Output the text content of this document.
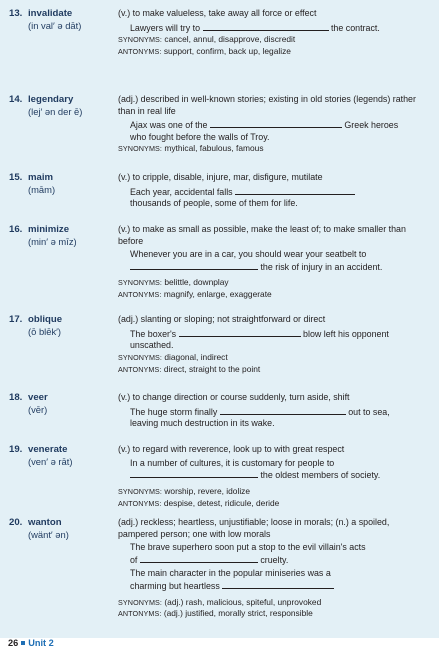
13. invalidate
(in val′ ə dāt)

(v.) to make valueless, take away all force or effect

Lawyers will try to	the contract.

SYNONYMS: cancel, annul, disapprove, discredit

ANTONYMS: support, confirm, back up, legalize

14. legendary
(lej′ ən der ē)

(adj.) described in well-known stories; existing in old stories (legends) rather than in real life

Ajax was one of the	Greek heroes
who fought before the walls of Troy.

SYNONYMS: mythical, fabulous, famous

15. maim
(mām)

(v.) to cripple, disable, injure, mar, disfigure, mutilate

Each year, accidental falls
thousands of people, some of them for life.
16. minimize
(min′ ə mīz)

(v.) to make as small as possible, make the least of; to make smaller than before

Whenever you are in a car, you should wear your seatbelt to
the risk of injury in an accident.

SYNONYMS: belittle, downplay

ANTONYMS: magnify, enlarge, exaggerate

17. oblique
(ō blēk′)

(adj.) slanting or sloping; not straightforward or direct

The boxer's	blow left his opponent
unscathed.

SYNONYMS: diagonal, indirect

ANTONYMS: direct, straight to the point

18. veer
(vēr)

(v.) to change direction or course suddenly, turn aside, shift

The huge storm finally	out to sea,
leaving much destruction in its wake.
19. venerate
(ven′ ə rāt)

(v.) to regard with reverence, look up to with great respect

In a number of cultures, it is customary for people to
the oldest members of society.

SYNONYMS: worship, revere, idolize

ANTONYMS: despise, detest, ridicule, deride

20. wanton
(wänt′ ən)

(adj.) reckless; heartless, unjustifiable; loose in morals; (n.) a spoiled, pampered person; one with low morals

The brave superhero soon put a stop to the evil villain's acts
of	cruelty.
The main character in the popular miniseries was a
charming but heartless

SYNONYMS: (adj.) rash, malicious, spiteful, unprovoked

ANTONYMS: (adj.) justified, morally strict, responsible

26 Unit 2
